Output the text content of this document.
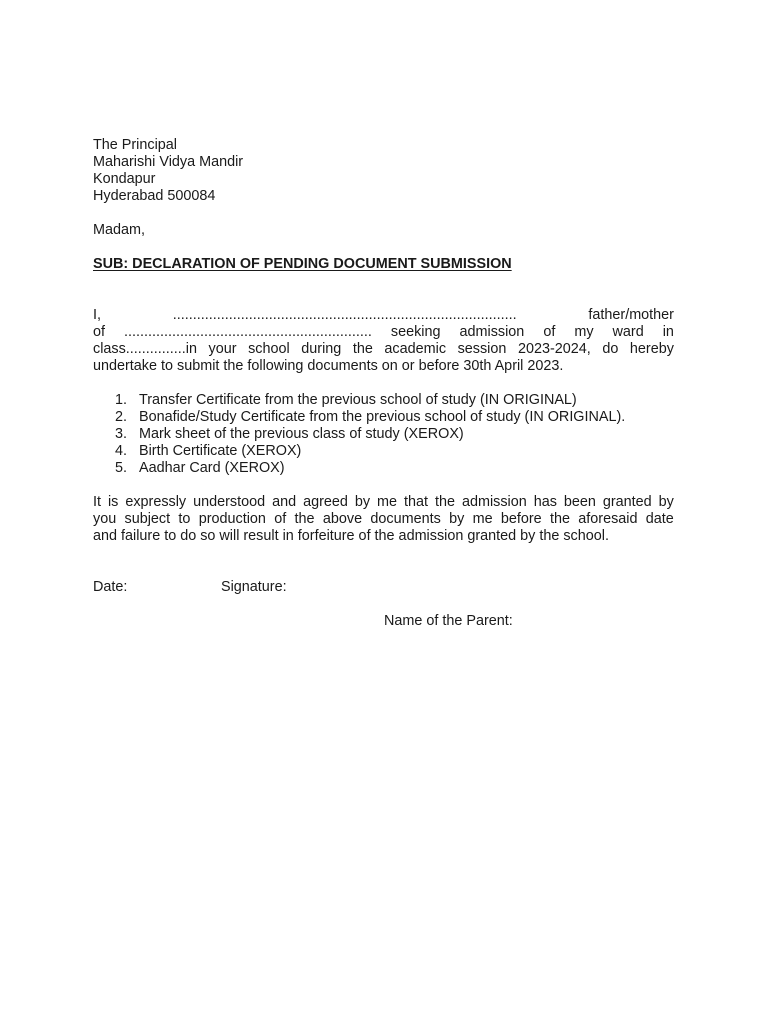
The Principal
Maharishi Vidya Mandir
Kondapur
Hyderabad 500084
Madam,
SUB: DECLARATION OF PENDING DOCUMENT SUBMISSION
I,	......................................................................................	father/mother
of .............................................................. seeking admission of my ward in
class...............in your school during the academic session 2023-2024, do hereby
undertake to submit the following documents on or before 30th April 2023.
1. Transfer Certificate from the previous school of study (IN ORIGINAL)
2. Bonafide/Study Certificate from the previous school of study (IN ORIGINAL).
3. Mark sheet of the previous class of study (XEROX)
4. Birth Certificate (XEROX)
5. Aadhar Card (XEROX)
It is expressly understood and agreed by me that the admission has been granted by
you subject to production of the above documents by me before the aforesaid date
and failure to do so will result in forfeiture of the admission granted by the school.
Date:	Signature:
Name of the Parent:
